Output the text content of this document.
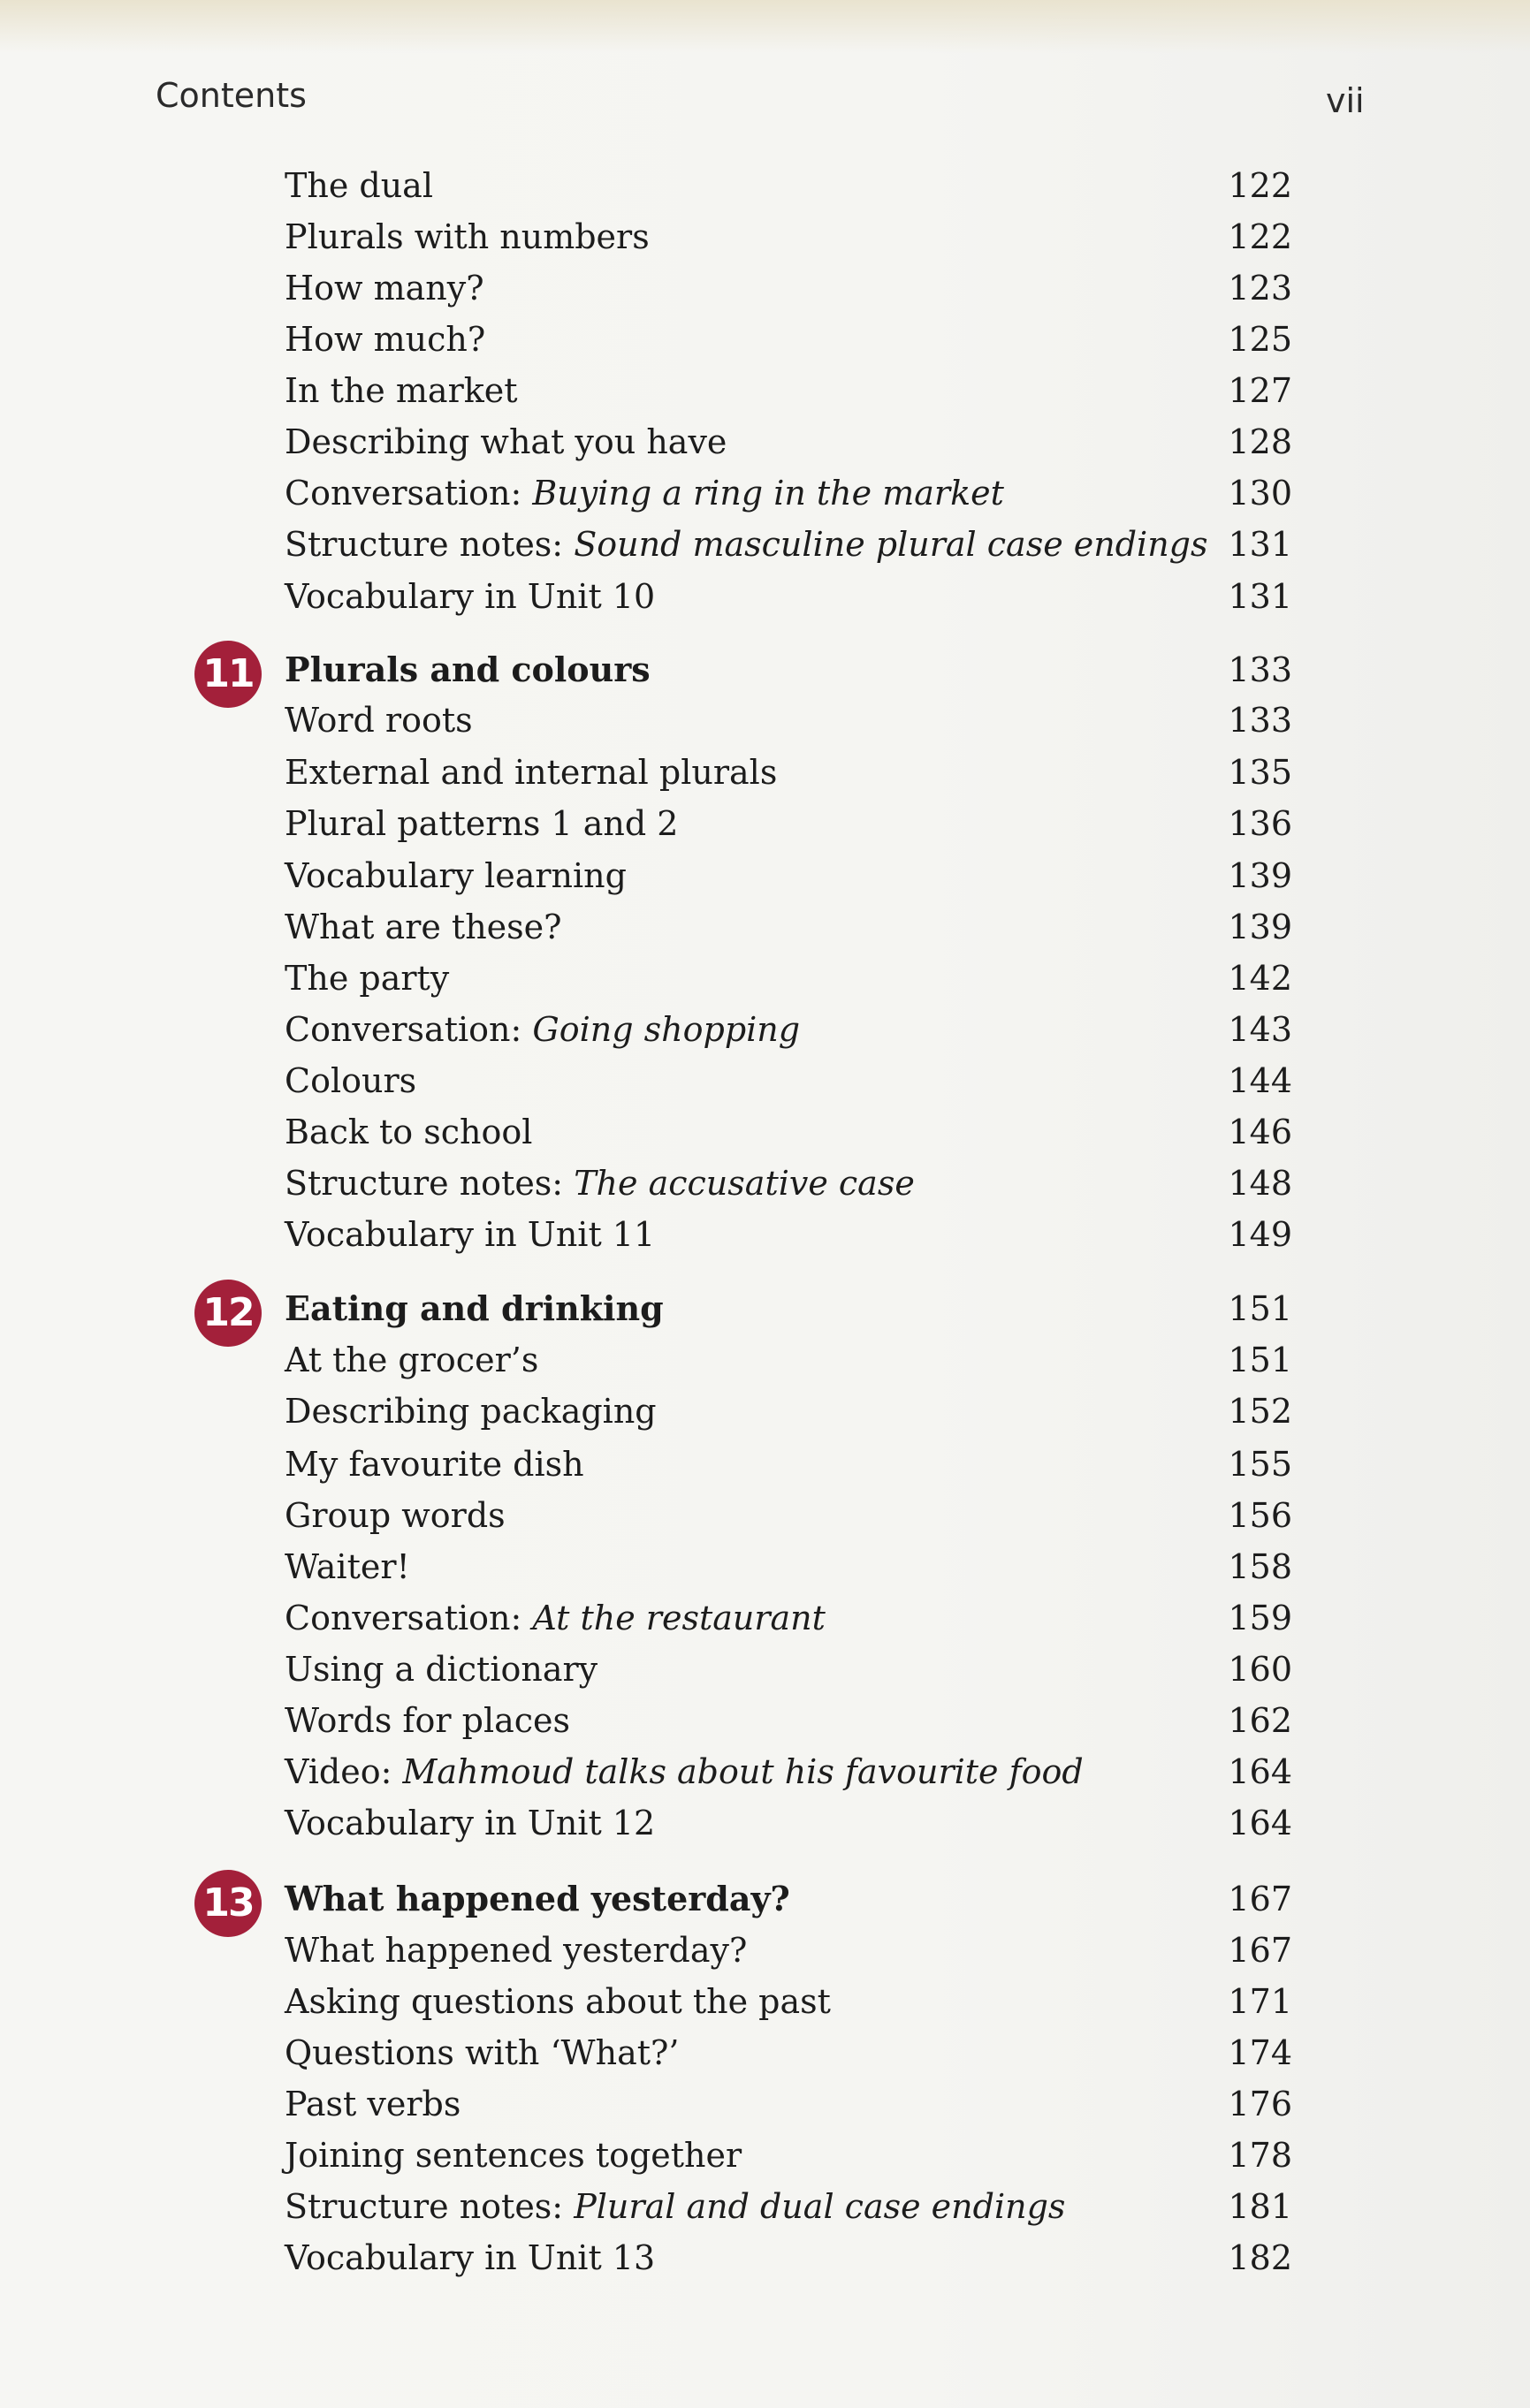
Contents	vii
The dual	122
Plurals with numbers	122
How many?	123
How much?	125
In the market	127
Describing what you have	128
Conversation: Buying a ring in the market	130
Structure notes: Sound masculine plural case endings 131
Vocabulary in Unit 10	131
11 Plurals and colours	133
Word roots	133
External and internal plurals	135
Plural patterns 1 and 2	136
Vocabulary learning	139
What are these?	139
The party	142
Conversation: Going shopping	143
Colours	144
Back to school	146
Structure notes: The accusative case	148
Vocabulary in Unit 11	149
12 Eating and drinking	151
At the grocer’s	151
Describing packaging	152
My favourite dish	155
Group words	156
Waiter!	158
Conversation: At the restaurant	159
Using a dictionary	160
Words for places	162
Video: Mahmoud talks about his favourite food	164
Vocabulary in Unit 12	164
13 What happened yesterday?	167
What happened yesterday?	167
Asking questions about the past	171
Questions with ‘What?’	174
Past verbs	176
Joining sentences together	178
Structure notes: Plural and dual case endings	181
Vocabulary in Unit 13	182
